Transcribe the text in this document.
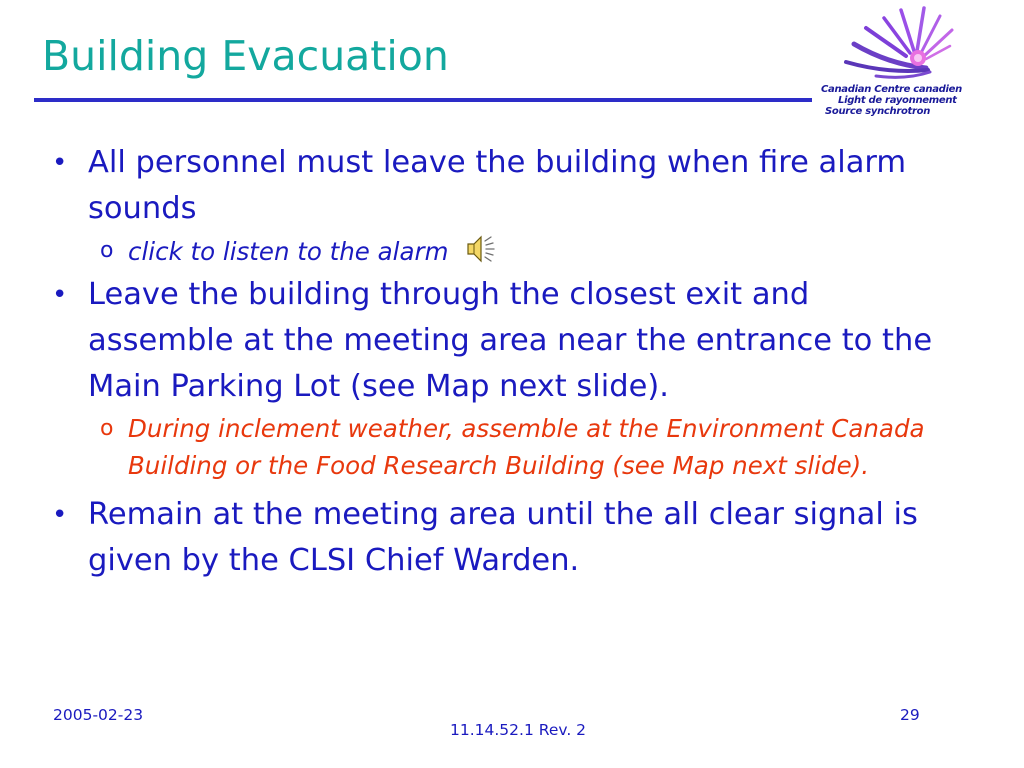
Building Evacuation
Canadian Centre canadien
Light de rayonnement
Source synchrotron
• All personnel must leave the building when fire alarm sounds
o click to listen to the alarm
• Leave the building through the closest exit and assemble at the meeting area near the entrance to the Main Parking Lot (see Map next slide).
o During inclement weather, assemble at the Environment Canada Building or the Food Research Building (see Map next slide).
• Remain at the meeting area until the all clear signal is given by the CLSI Chief Warden.
2005-02-23
11.14.52.1 Rev. 2
29
